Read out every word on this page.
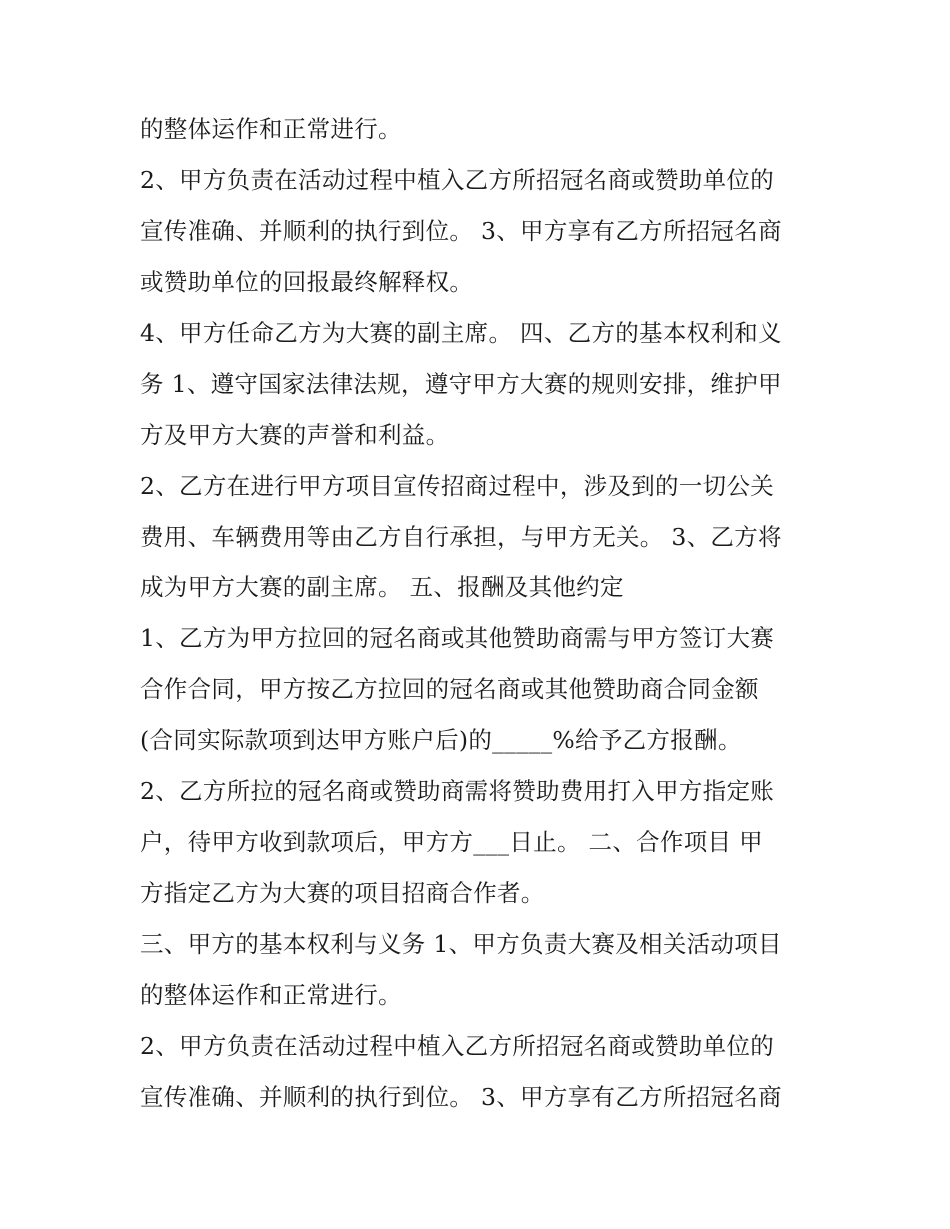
的整体运作和正常进行。
2、甲方负责在活动过程中植入乙方所招冠名商或赞助单位的
宣传准确、并顺利的执行到位。 3、甲方享有乙方所招冠名商
或赞助单位的回报最终解释权。
4、甲方任命乙方为大赛的副主席。 四、乙方的基本权利和义
务 1、遵守国家法律法规，遵守甲方大赛的规则安排，维护甲
方及甲方大赛的声誉和利益。
2、乙方在进行甲方项目宣传招商过程中，涉及到的一切公关
费用、车辆费用等由乙方自行承担，与甲方无关。 3、乙方将
成为甲方大赛的副主席。 五、报酬及其他约定
1、乙方为甲方拉回的冠名商或其他赞助商需与甲方签订大赛
合作合同，甲方按乙方拉回的冠名商或其他赞助商合同金额
(合同实际款项到达甲方账户后)的_____%给予乙方报酬。
2、乙方所拉的冠名商或赞助商需将赞助费用打入甲方指定账
户，待甲方收到款项后，甲方方___日止。 二、合作项目 甲
方指定乙方为大赛的项目招商合作者。
三、甲方的基本权利与义务 1、甲方负责大赛及相关活动项目
的整体运作和正常进行。
2、甲方负责在活动过程中植入乙方所招冠名商或赞助单位的
宣传准确、并顺利的执行到位。 3、甲方享有乙方所招冠名商
